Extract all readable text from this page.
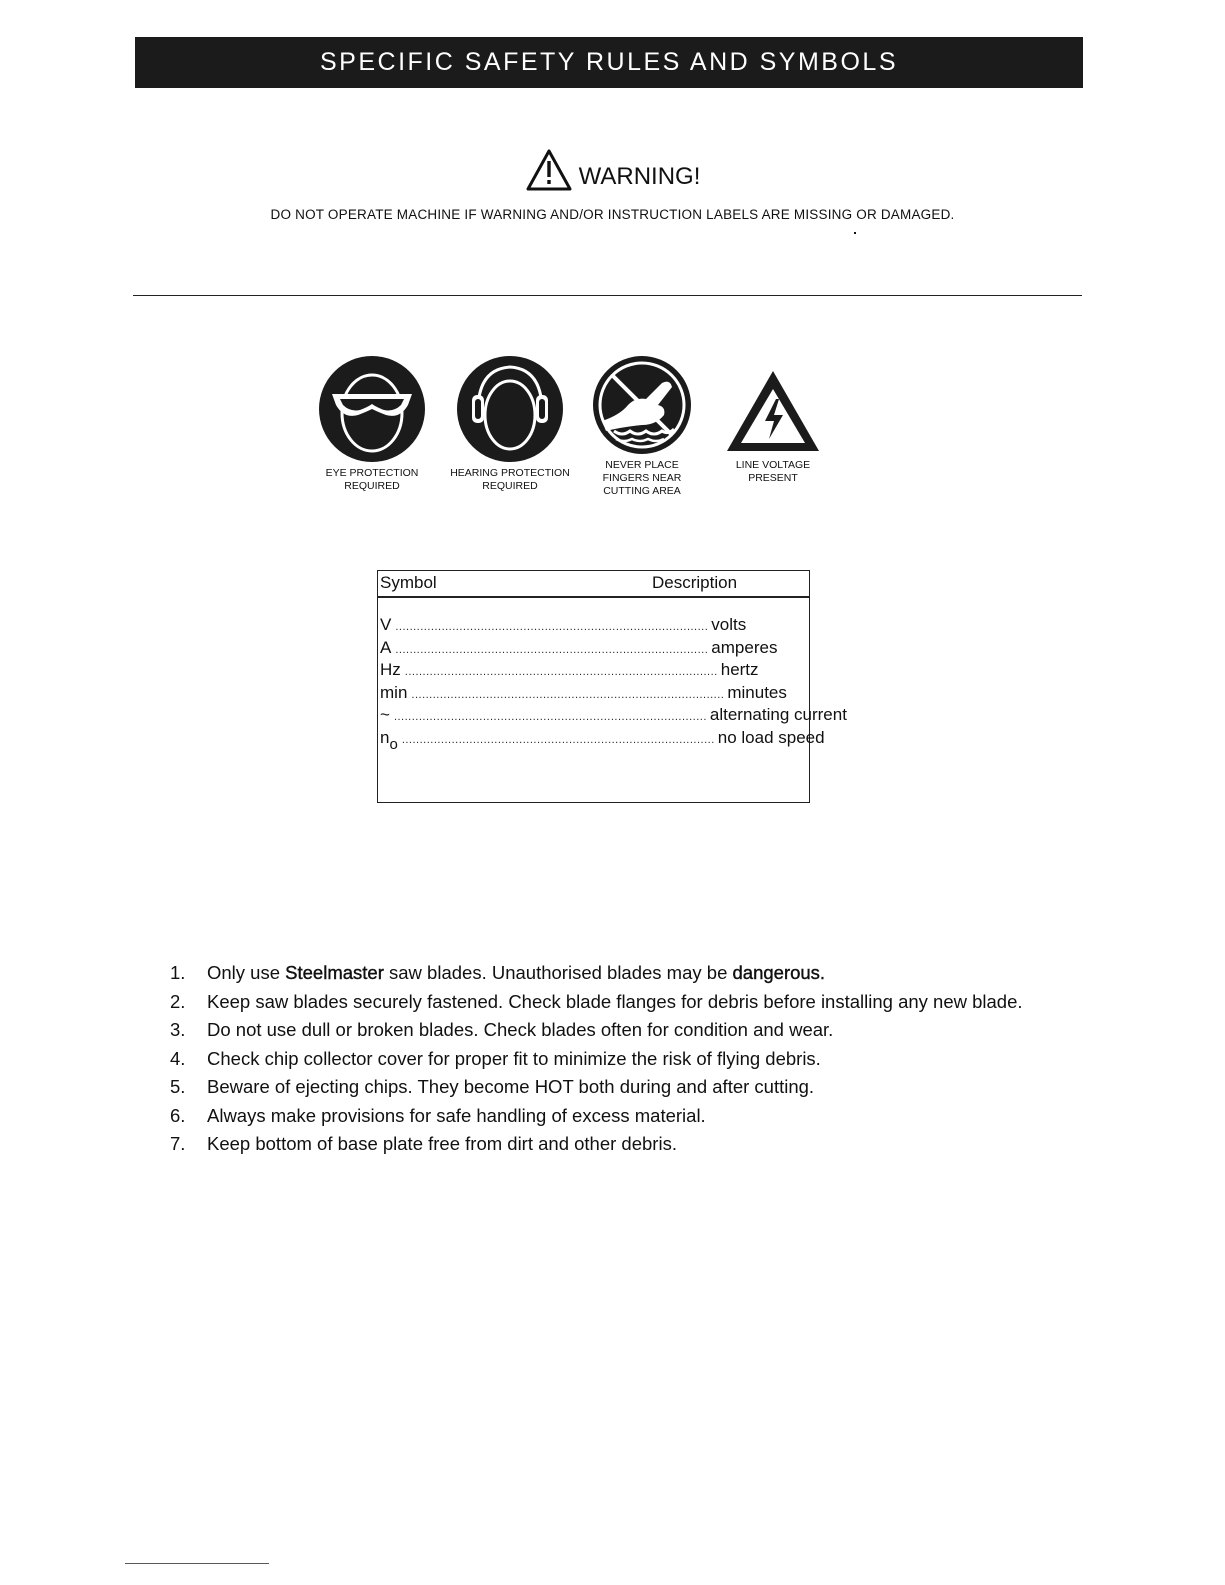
SPECIFIC SAFETY RULES AND SYMBOLS
WARNING!
DO NOT OPERATE MACHINE IF WARNING AND/OR INSTRUCTION LABELS ARE MISSING OR DAMAGED.
EYE PROTECTION
REQUIRED
HEARING PROTECTION
REQUIRED
NEVER PLACE
FINGERS NEAR
CUTTING AREA
LINE VOLTAGE
PRESENT
Symbol	Description
V ........................................................................................ volts
A ........................................................................................ amperes
Hz ........................................................................................ hertz
min ........................................................................................ minutes
~ ........................................................................................ alternating current
$n_o$ ........................................................................................ no load speed
1.	Only use Steelmaster saw blades. Unauthorised blades may be dangerous.
2.	Keep saw blades securely fastened. Check blade flanges for debris before installing any new blade.
3.	Do not use dull or broken blades. Check blades often for condition and wear.
4.	Check chip collector cover for proper fit to minimize the risk of flying debris.
5.	Beware of ejecting chips. They become HOT both during and after cutting.
6.	Always make provisions for safe handling of excess material.
7.	Keep bottom of base plate free from dirt and other debris.
